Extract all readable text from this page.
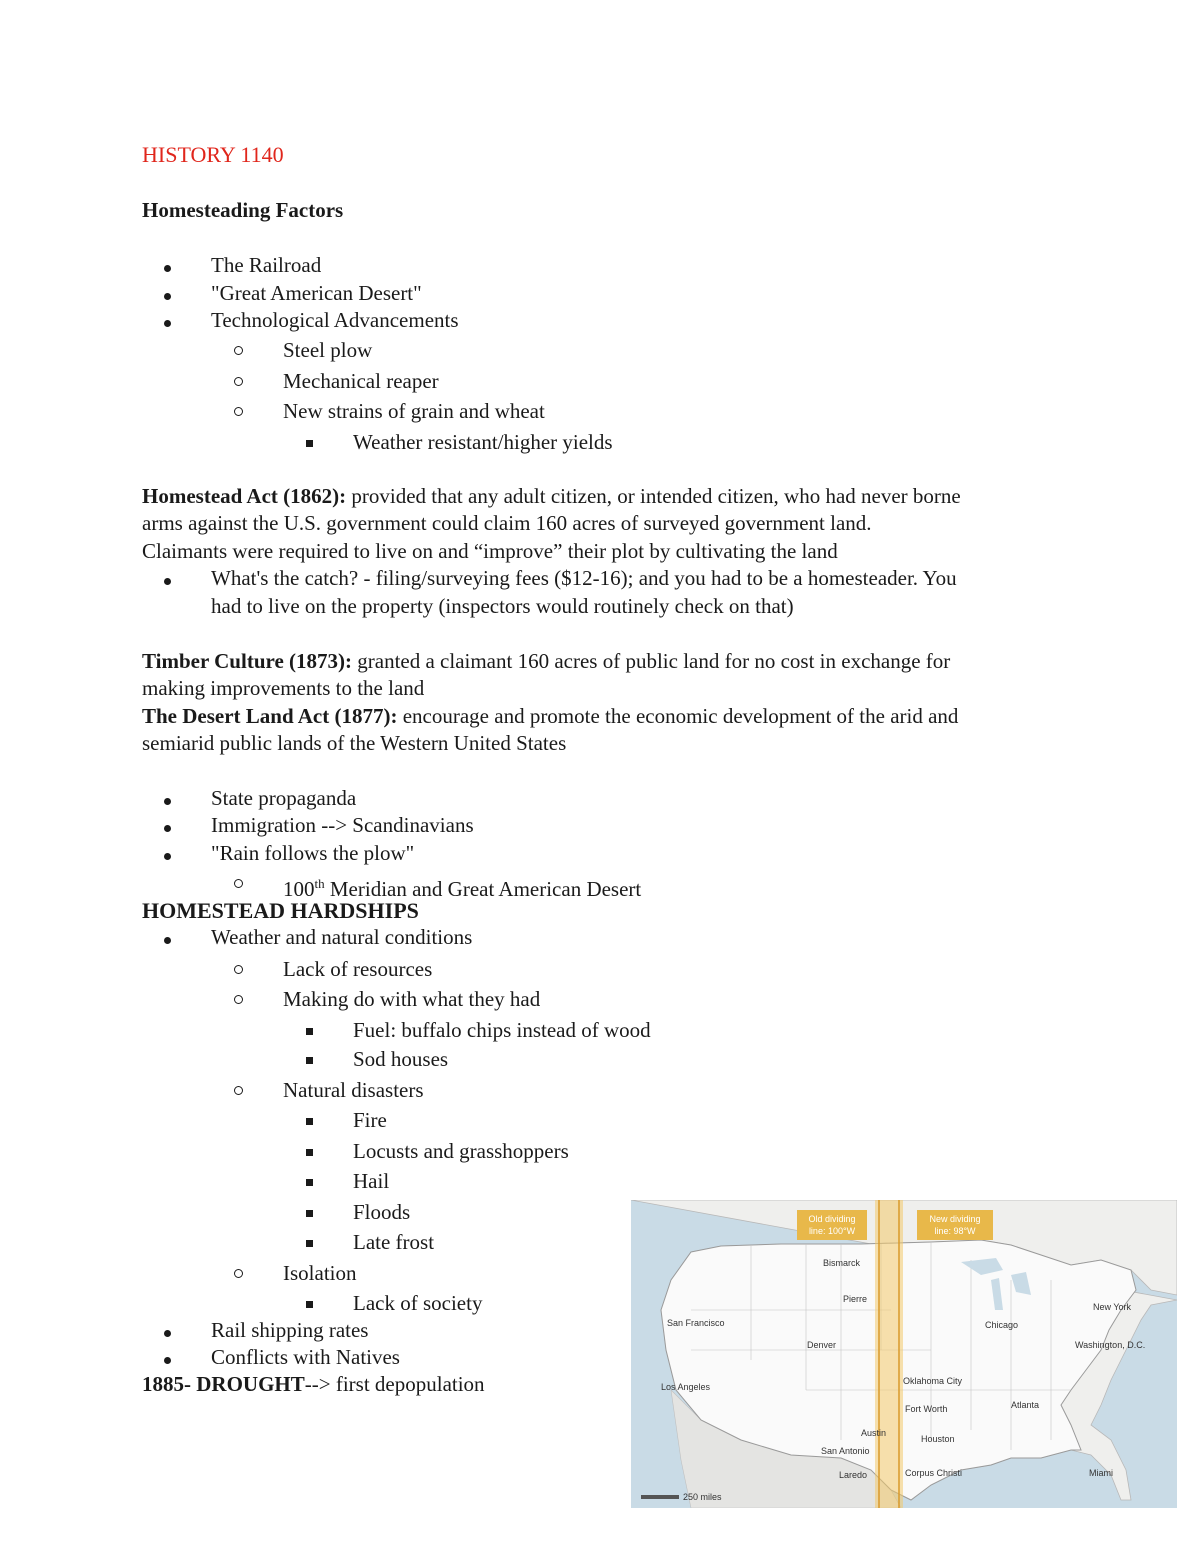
HISTORY 1140
Homesteading Factors
The Railroad
"Great American Desert"
Technological Advancements
Steel plow
Mechanical reaper
New strains of grain and wheat
Weather resistant/higher yields
Homestead Act (1862): provided that any adult citizen, or intended citizen, who had never borne
arms against the U.S. government could claim 160 acres of surveyed government land.
Claimants were required to live on and “improve” their plot by cultivating the land
What's the catch? - filing/surveying fees ($12-16); and you had to be a homesteader. You
had to live on the property (inspectors would routinely check on that)
Timber Culture (1873): granted a claimant 160 acres of public land for no cost in exchange for
making improvements to the land
The Desert Land Act (1877): encourage and promote the economic development of the arid and
semiarid public lands of the Western United States
State propaganda
Immigration --> Scandinavians
"Rain follows the plow"
100th Meridian and Great American Desert
HOMESTEAD HARDSHIPS
Weather and natural conditions
Lack of resources
Making do with what they had
Fuel: buffalo chips instead of wood
Sod houses
Natural disasters
Fire
Locusts and grasshoppers
Hail
Floods
Late frost
Isolation
Lack of society
Rail shipping rates
Conflicts with Natives
1885- DROUGHT--> first depopulation
Old dividing
line: 100°W
New dividing
line: 98°W
Bismarck
Pierre
San Francisco
Denver
Chicago
New York
Washington, D.C.
Los Angeles
Oklahoma City
Fort Worth	Atlanta
Austin
San Antonio
Houston
Laredo	Corpus Christi	Miami
250 miles
